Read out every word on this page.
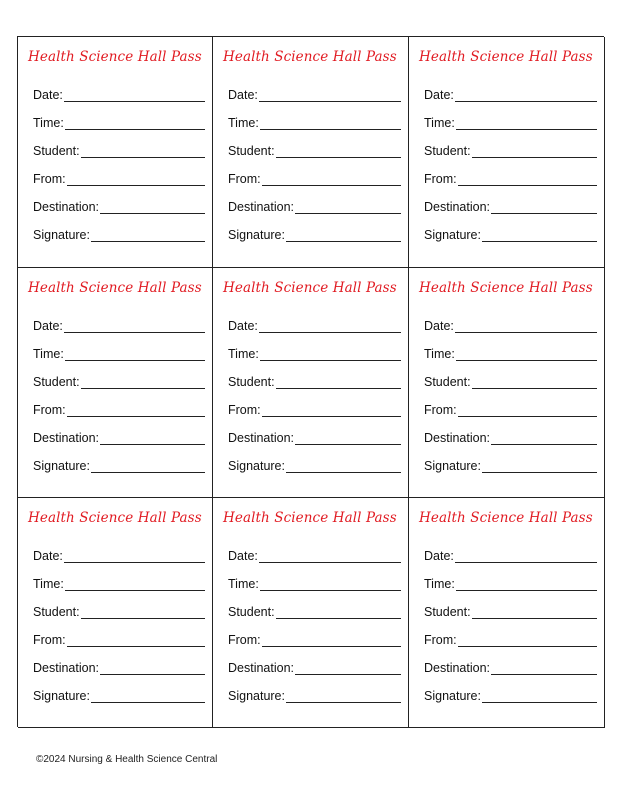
Health Science Hall Pass
Date:
Time:
Student:
From:
Destination:
Signature:
Health Science Hall Pass
Date:
Time:
Student:
From:
Destination:
Signature:
Health Science Hall Pass
Date:
Time:
Student:
From:
Destination:
Signature:
Health Science Hall Pass
Date:
Time:
Student:
From:
Destination:
Signature:
Health Science Hall Pass
Date:
Time:
Student:
From:
Destination:
Signature:
Health Science Hall Pass
Date:
Time:
Student:
From:
Destination:
Signature:
Health Science Hall Pass
Date:
Time:
Student:
From:
Destination:
Signature:
Health Science Hall Pass
Date:
Time:
Student:
From:
Destination:
Signature:
Health Science Hall Pass
Date:
Time:
Student:
From:
Destination:
Signature:
©2024 Nursing & Health Science Central
